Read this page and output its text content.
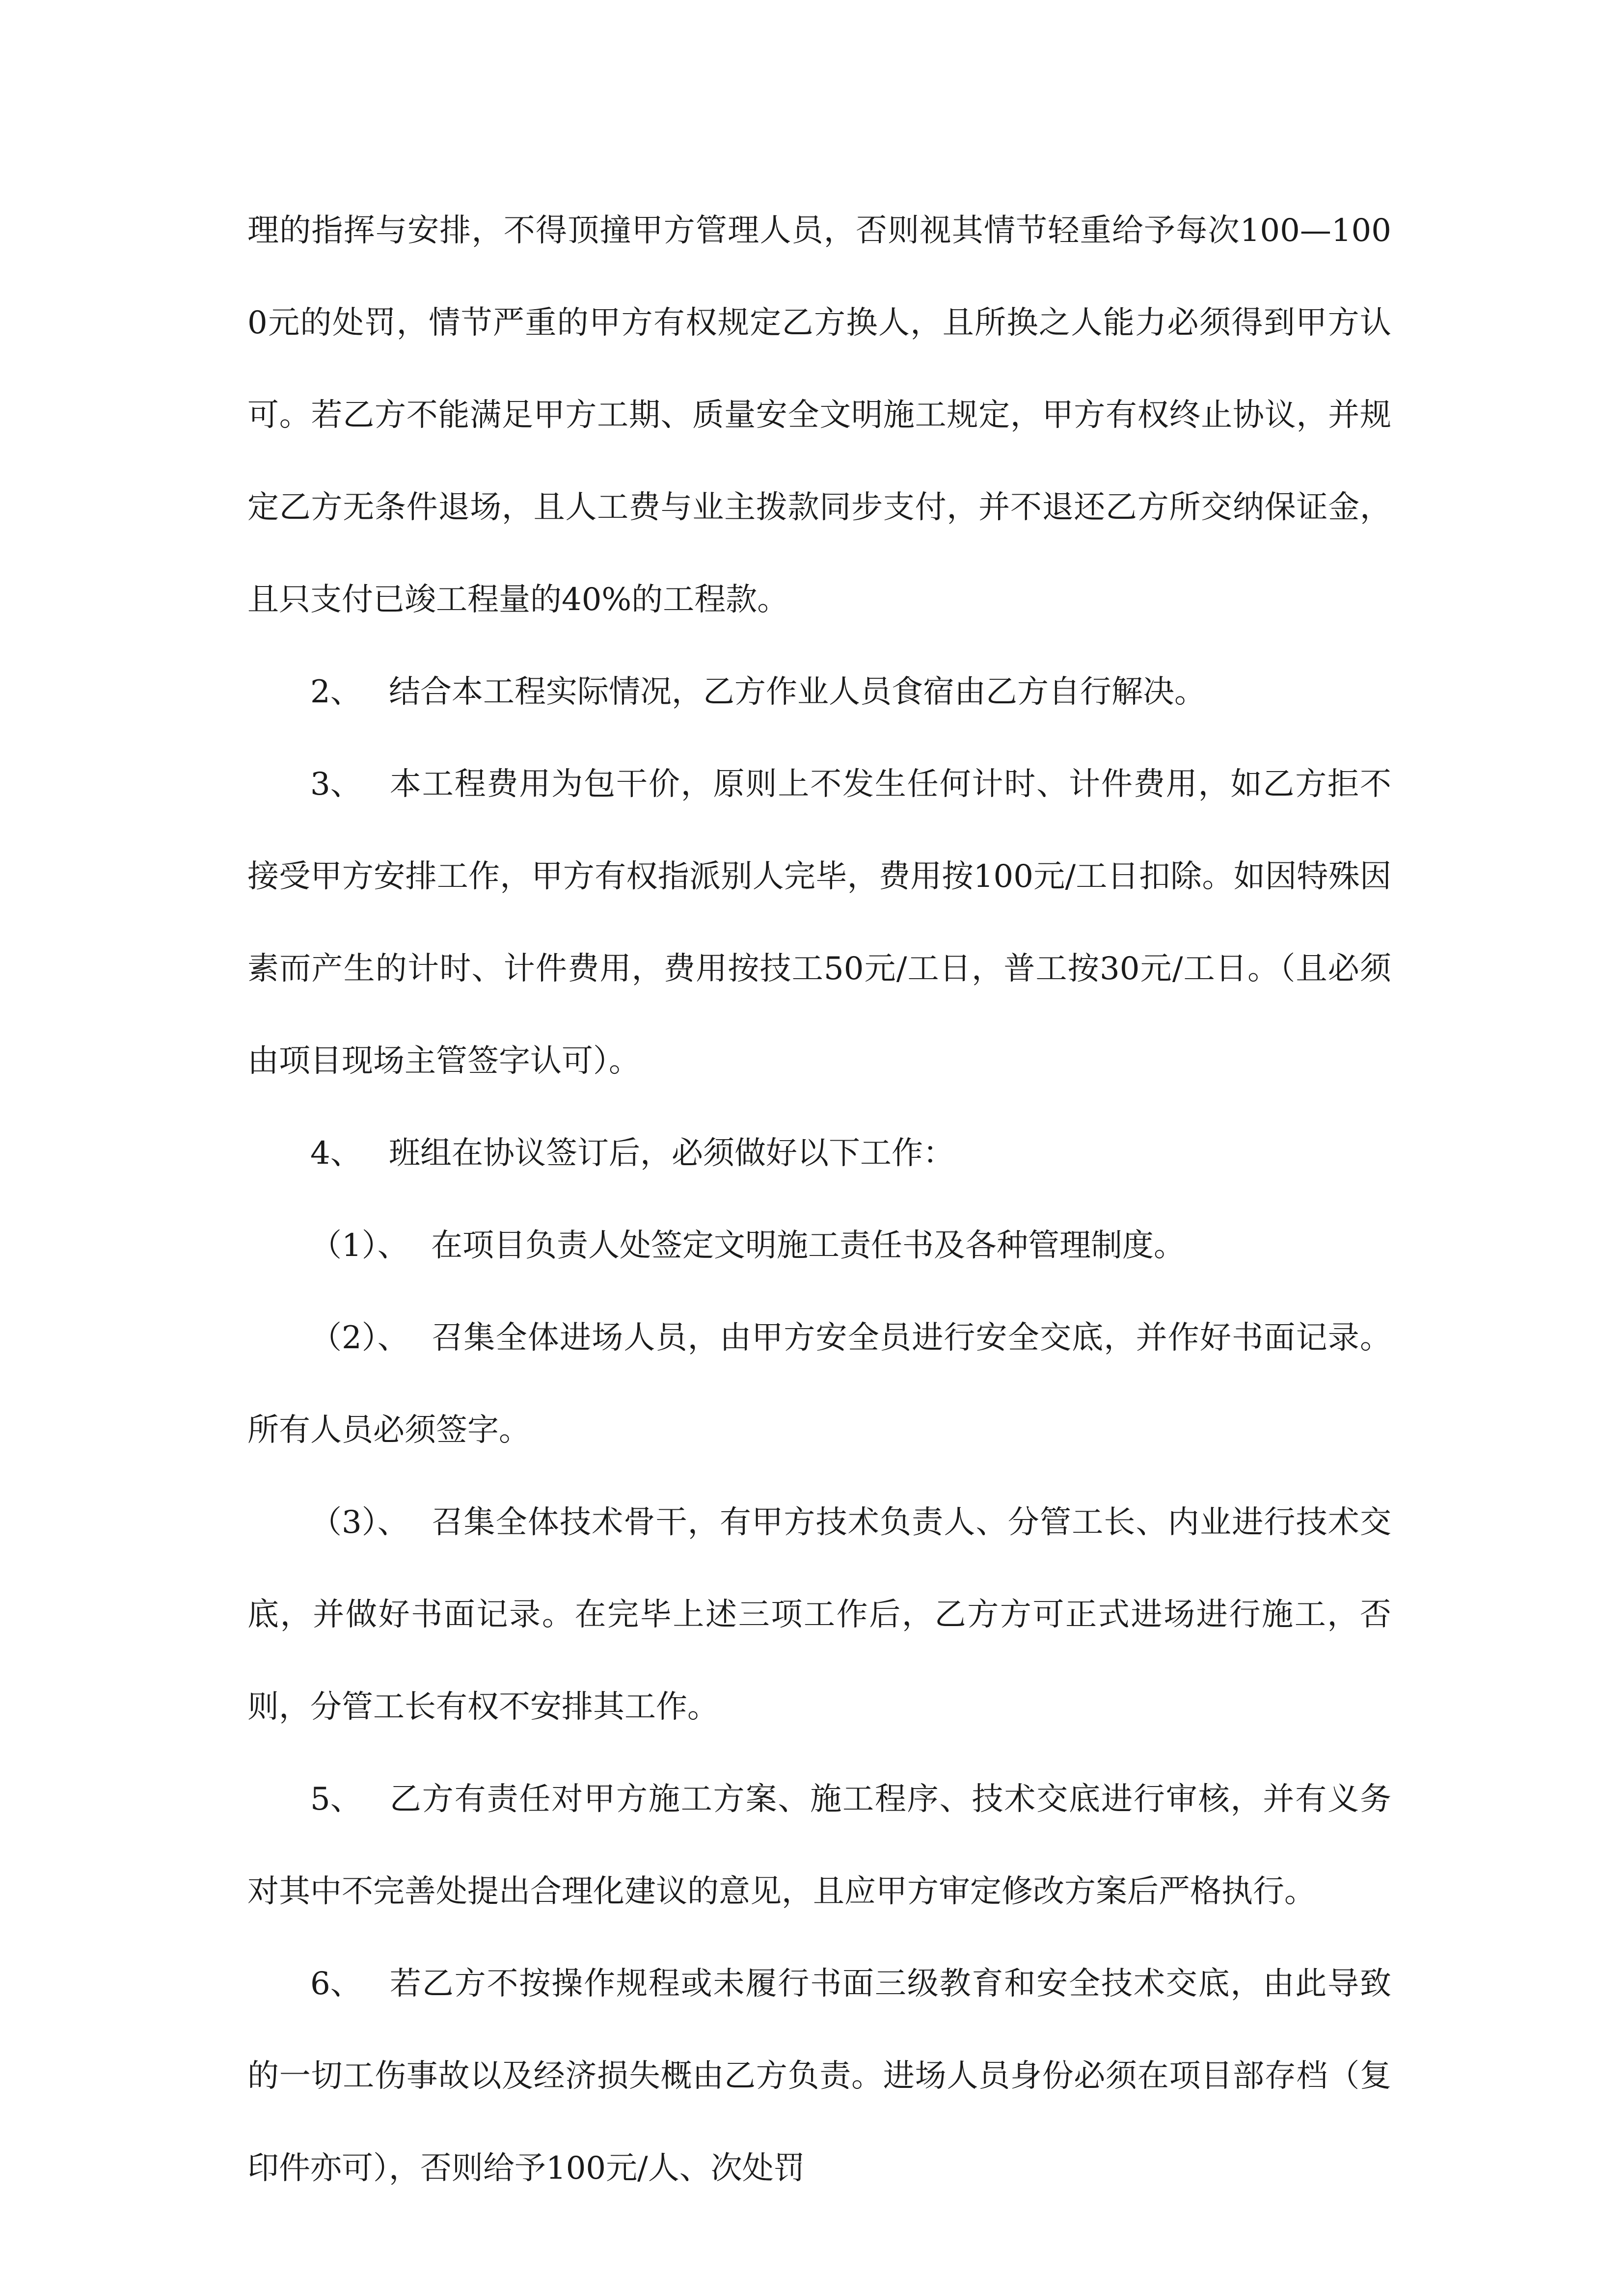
理的指挥与安排，不得顶撞甲方管理人员，否则视其情节轻重给予每次100—1000元的处罚，情节严重的甲方有权规定乙方换人，且所换之人能力必须得到甲方认可。若乙方不能满足甲方工期、质量安全文明施工规定，甲方有权终止协议，并规定乙方无条件退场，且人工费与业主拨款同步支付，并不退还乙方所交纳保证金，且只支付已竣工程量的40%的工程款。

2、 结合本工程实际情况，乙方作业人员食宿由乙方自行解决。

3、 本工程费用为包干价，原则上不发生任何计时、计件费用，如乙方拒不接受甲方安排工作，甲方有权指派别人完毕，费用按100元/工日扣除。如因特殊因素而产生的计时、计件费用，费用按技工50元/工日，普工按30元/工日。（且必须由项目现场主管签字认可）。

4、 班组在协议签订后，必须做好以下工作：

（1）、 在项目负责人处签定文明施工责任书及各种管理制度。

（2）、 召集全体进场人员，由甲方安全员进行安全交底，并作好书面记录。所有人员必须签字。

（3）、 召集全体技术骨干，有甲方技术负责人、分管工长、内业进行技术交底，并做好书面记录。在完毕上述三项工作后，乙方方可正式进场进行施工，否则，分管工长有权不安排其工作。

5、 乙方有责任对甲方施工方案、施工程序、技术交底进行审核，并有义务对其中不完善处提出合理化建议的意见，且应甲方审定修改方案后严格执行。

6、 若乙方不按操作规程或未履行书面三级教育和安全技术交底，由此导致的一切工伤事故以及经济损失概由乙方负责。进场人员身份必须在项目部存档（复印件亦可），否则给予100元/人、次处罚
